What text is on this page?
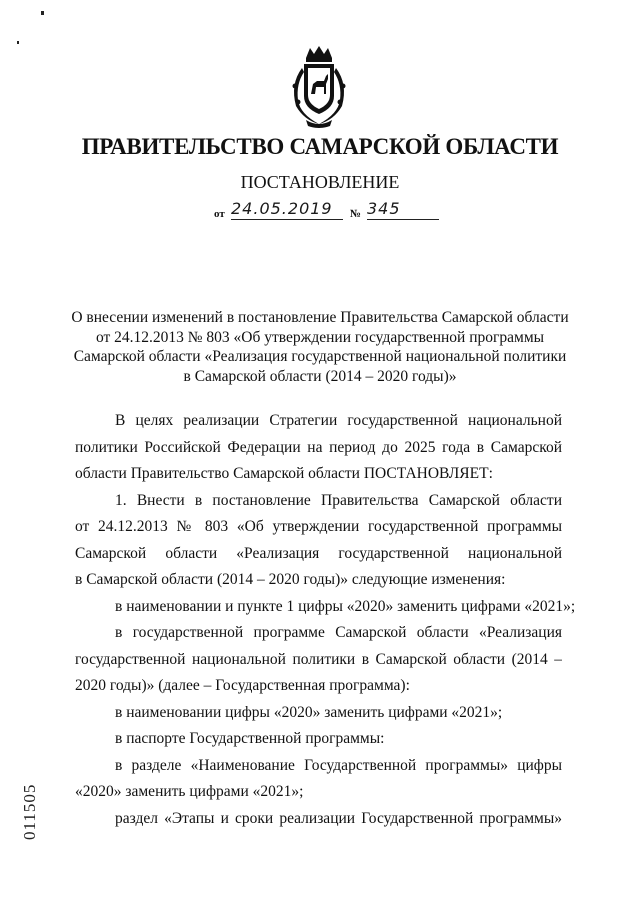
ПРАВИТЕЛЬСТВО САМАРСКОЙ ОБЛАСТИ
ПОСТАНОВЛЕНИЕ
от 24.05.2019	№ 345
О внесении изменений в постановление Правительства Самарской области
от 24.12.2013 № 803 «Об утверждении государственной программы
Самарской области «Реализация государственной национальной политики
в Самарской области (2014 – 2020 годы)»
В целях реализации Стратегии государственной национальной
политики Российской Федерации на период до 2025 года в Самарской
области Правительство Самарской области ПОСТАНОВЛЯЕТ:
1. Внести в постановление Правительства Самарской области
от 24.12.2013 № 803 «Об утверждении государственной программы
Самарской области «Реализация государственной национальной
в Самарской области (2014 – 2020 годы)» следующие изменения:
в наименовании и пункте 1 цифры «2020» заменить цифрами «2021»;
в государственной программе Самарской области «Реализация
государственной национальной политики в Самарской области (2014 –
2020 годы)» (далее – Государственная программа):
в наименовании цифры «2020» заменить цифрами «2021»;
в паспорте Государственной программы:
в разделе «Наименование Государственной программы» цифры
«2020» заменить цифрами «2021»;
раздел «Этапы и сроки реализации Государственной программы»
011505
